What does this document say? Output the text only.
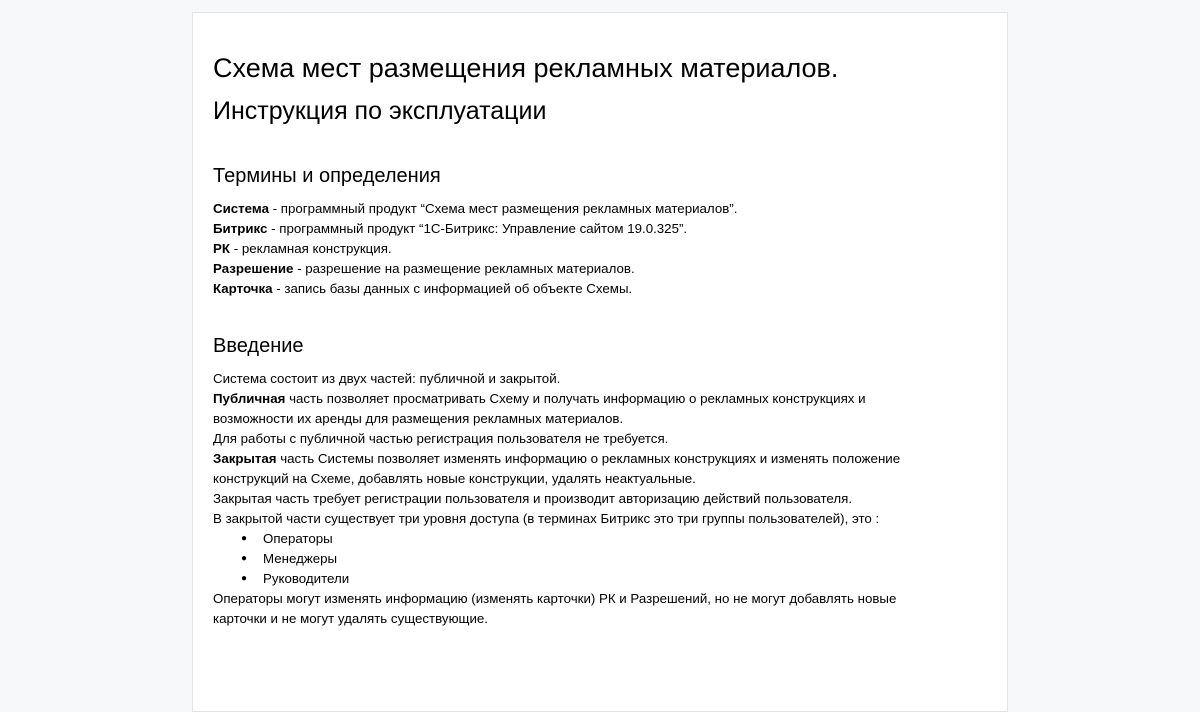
Схема мест размещения рекламных материалов.
Инструкция по эксплуатации
Термины и определения

Система - программный продукт “Схема мест размещения рекламных материалов”.

Битрикс - программный продукт “1С-Битрикс: Управление сайтом 19.0.325”.

РК - рекламная конструкция.

Разрешение - разрешение на размещение рекламных материалов.

Карточка - запись базы данных с информацией об объекте Схемы.

Введение

Система состоит из двух частей: публичной и закрытой.

Публичная часть позволяет просматривать Схему и получать информацию о рекламных конструкциях и возможности их аренды для размещения рекламных материалов.

Для работы с публичной частью регистрация пользователя не требуется.

Закрытая часть Системы позволяет изменять информацию о рекламных конструкциях и изменять положение конструкций на Схеме, добавлять новые конструкции, удалять неактуальные.

Закрытая часть требует регистрации пользователя и производит авторизацию действий пользователя.

В закрытой части существует три уровня доступа (в терминах Битрикс это три группы пользователей), это :

● Операторы
● Менеджеры
● Руководители

Операторы могут изменять информацию (изменять карточки) РК и Разрешений, но не могут добавлять новые карточки и не могут удалять существующие.
